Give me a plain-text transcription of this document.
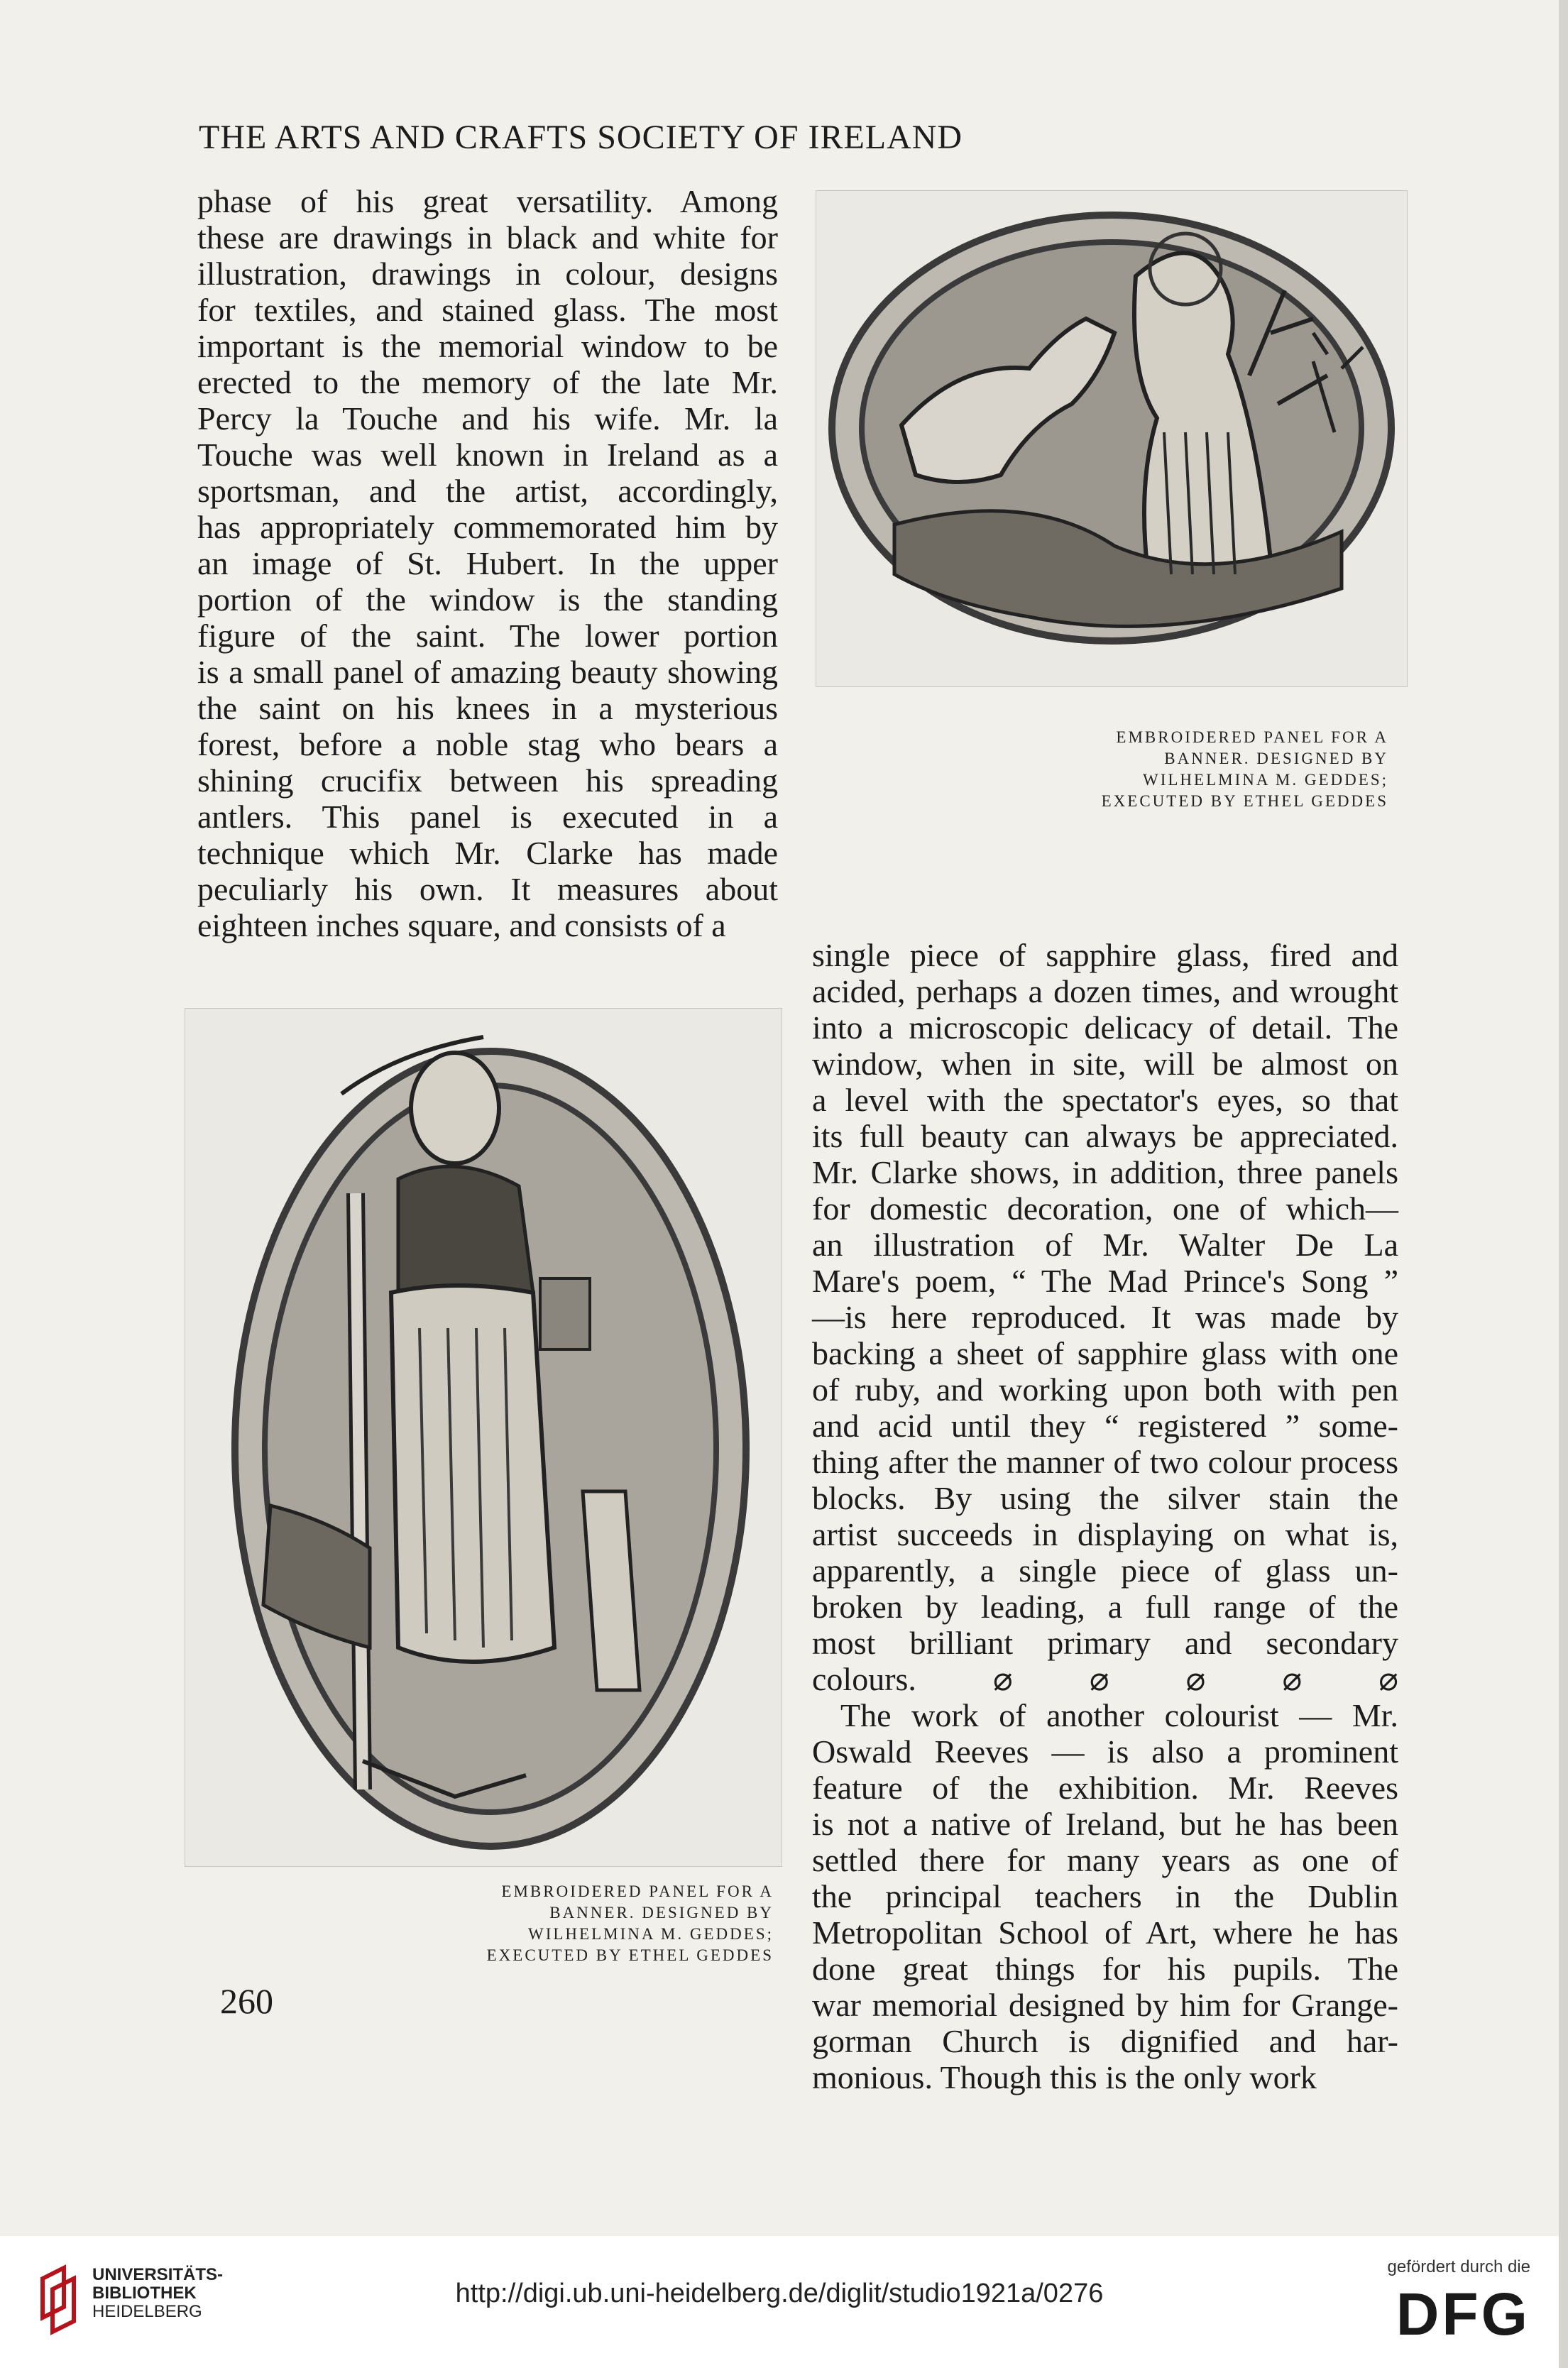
THE ARTS AND CRAFTS SOCIETY OF IRELAND
phase of his great versatility. Among
these are drawings in black and white for
illustration, drawings in colour, designs
for textiles, and stained glass. The most
important is the memorial window to be
erected to the memory of the late Mr.
Percy la Touche and his wife. Mr. la
Touche was well known in Ireland as a
sportsman, and the artist, accordingly,
has appropriately commemorated him by
an image of St. Hubert. In the upper
portion of the window is the standing
figure of the saint. The lower portion
is a small panel of amazing beauty showing
the saint on his knees in a mysterious
forest, before a noble stag who bears a
shining crucifix between his spreading
antlers. This panel is executed in a
technique which Mr. Clarke has made
peculiarly his own. It measures about
eighteen inches square, and consists of a
EMBROIDERED PANEL FOR A
BANNER. DESIGNED BY
WILHELMINA M. GEDDES;
EXECUTED BY ETHEL GEDDES
EMBROIDERED PANEL FOR A
BANNER. DESIGNED BY
WILHELMINA M. GEDDES;
EXECUTED BY ETHEL GEDDES
single piece of sapphire glass, fired and
acided, perhaps a dozen times, and wrought
into a microscopic delicacy of detail. The
window, when in site, will be almost on
a level with the spectator's eyes, so that
its full beauty can always be appreciated.
Mr. Clarke shows, in addition, three panels
for domestic decoration, one of which—
an illustration of Mr. Walter De La
Mare's poem, “ The Mad Prince's Song ”
—is here reproduced. It was made by
backing a sheet of sapphire glass with one
of ruby, and working upon both with pen
and acid until they “ registered ” some-
thing after the manner of two colour process
blocks. By using the silver stain the
artist succeeds in displaying on what is,
apparently, a single piece of glass un-
broken by leading, a full range of the
most brilliant primary and secondary
colours. ⌀ ⌀ ⌀ ⌀ ⌀
The work of another colourist — Mr.
Oswald Reeves — is also a prominent
feature of the exhibition. Mr. Reeves
is not a native of Ireland, but he has been
settled there for many years as one of
the principal teachers in the Dublin
Metropolitan School of Art, where he has
done great things for his pupils. The
war memorial designed by him for Grange-
gorman Church is dignified and har-
monious. Though this is the only work
260
UNIVERSITÄTS-
BIBLIOTHEK
HEIDELBERG
http://digi.ub.uni-heidelberg.de/diglit/studio1921a/0276
gefördert durch die
DFG
